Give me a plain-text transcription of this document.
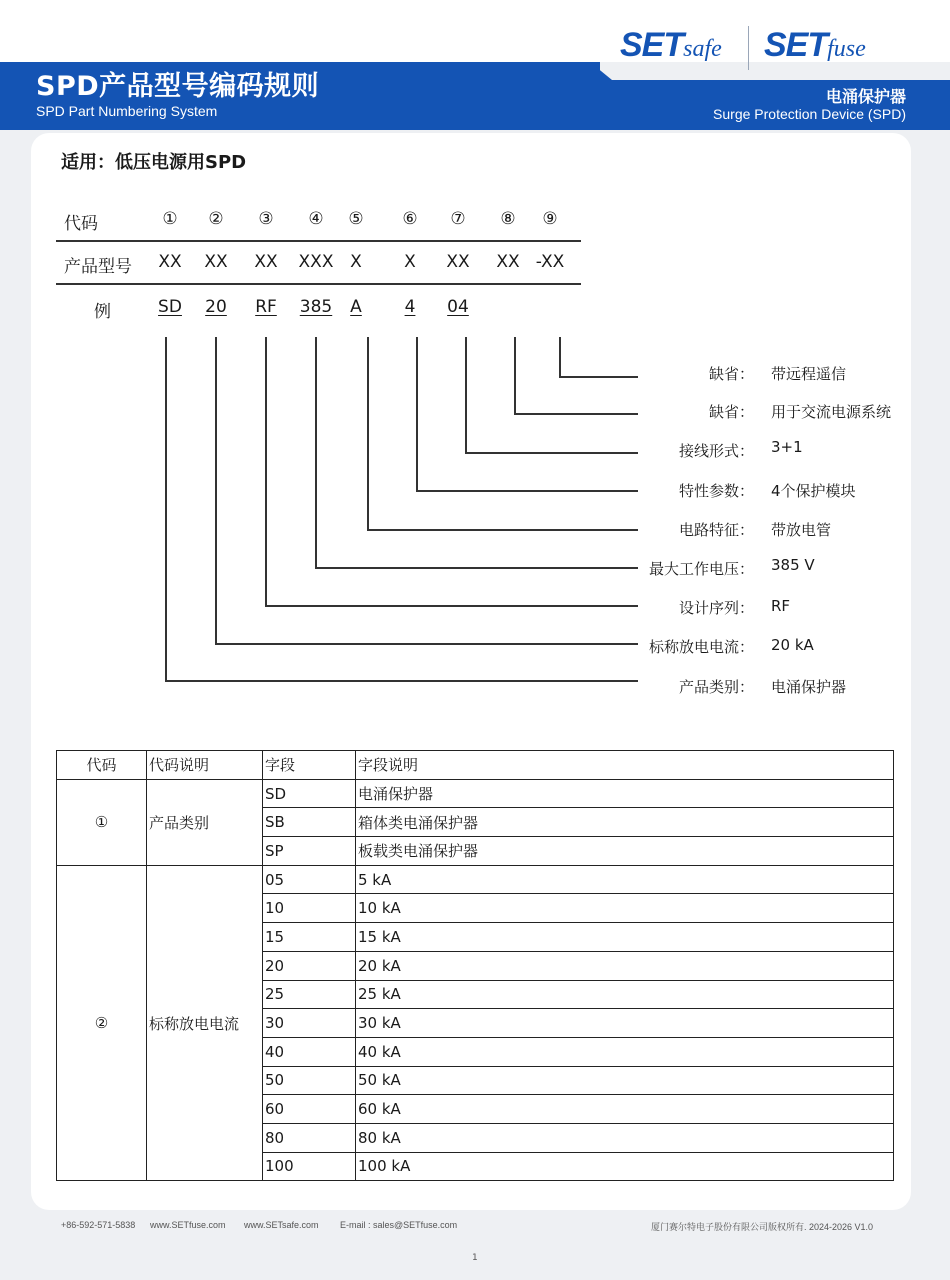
SPD产品型号编码规则
SPD Part Numbering System
电涌保护器
Surge Protection Device (SPD)
SETsafe SETfuse
适用：低压电源用SPD
代码	① ② ③ ④ ⑤ ⑥ ⑦ ⑧ ⑨
产品型号 XX XX XX XXX X X XX XX -XX
例	SD 20 RF 385 A	4 04
缺省： 带远程遥信
缺省： 用于交流电源系统
接线形式： 3+1
特性参数： 4个保护模块
电路特征： 带放电管
最大工作电压： 385 V
设计序列： RF
标称放电电流： 20 kA
产品类别： 电涌保护器
代码	代码说明	字段	字段说明
①	产品类别	SD	电涌保护器
		SB	箱体类电涌保护器
		SP	板载类电涌保护器
②	标称放电电流	05	5 kA
		10	10 kA
		15	15 kA
		20	20 kA
		25	25 kA
		30	30 kA
		40	40 kA
		50	50 kA
		60	60 kA
		80	80 kA
		100	100 kA
+86-592-571-5838 www.SETfuse.com www.SETsafe.com E-mail : sales@SETfuse.com	厦门赛尔特电子股份有限公司版权所有. 2024-2026 V1.0
1
